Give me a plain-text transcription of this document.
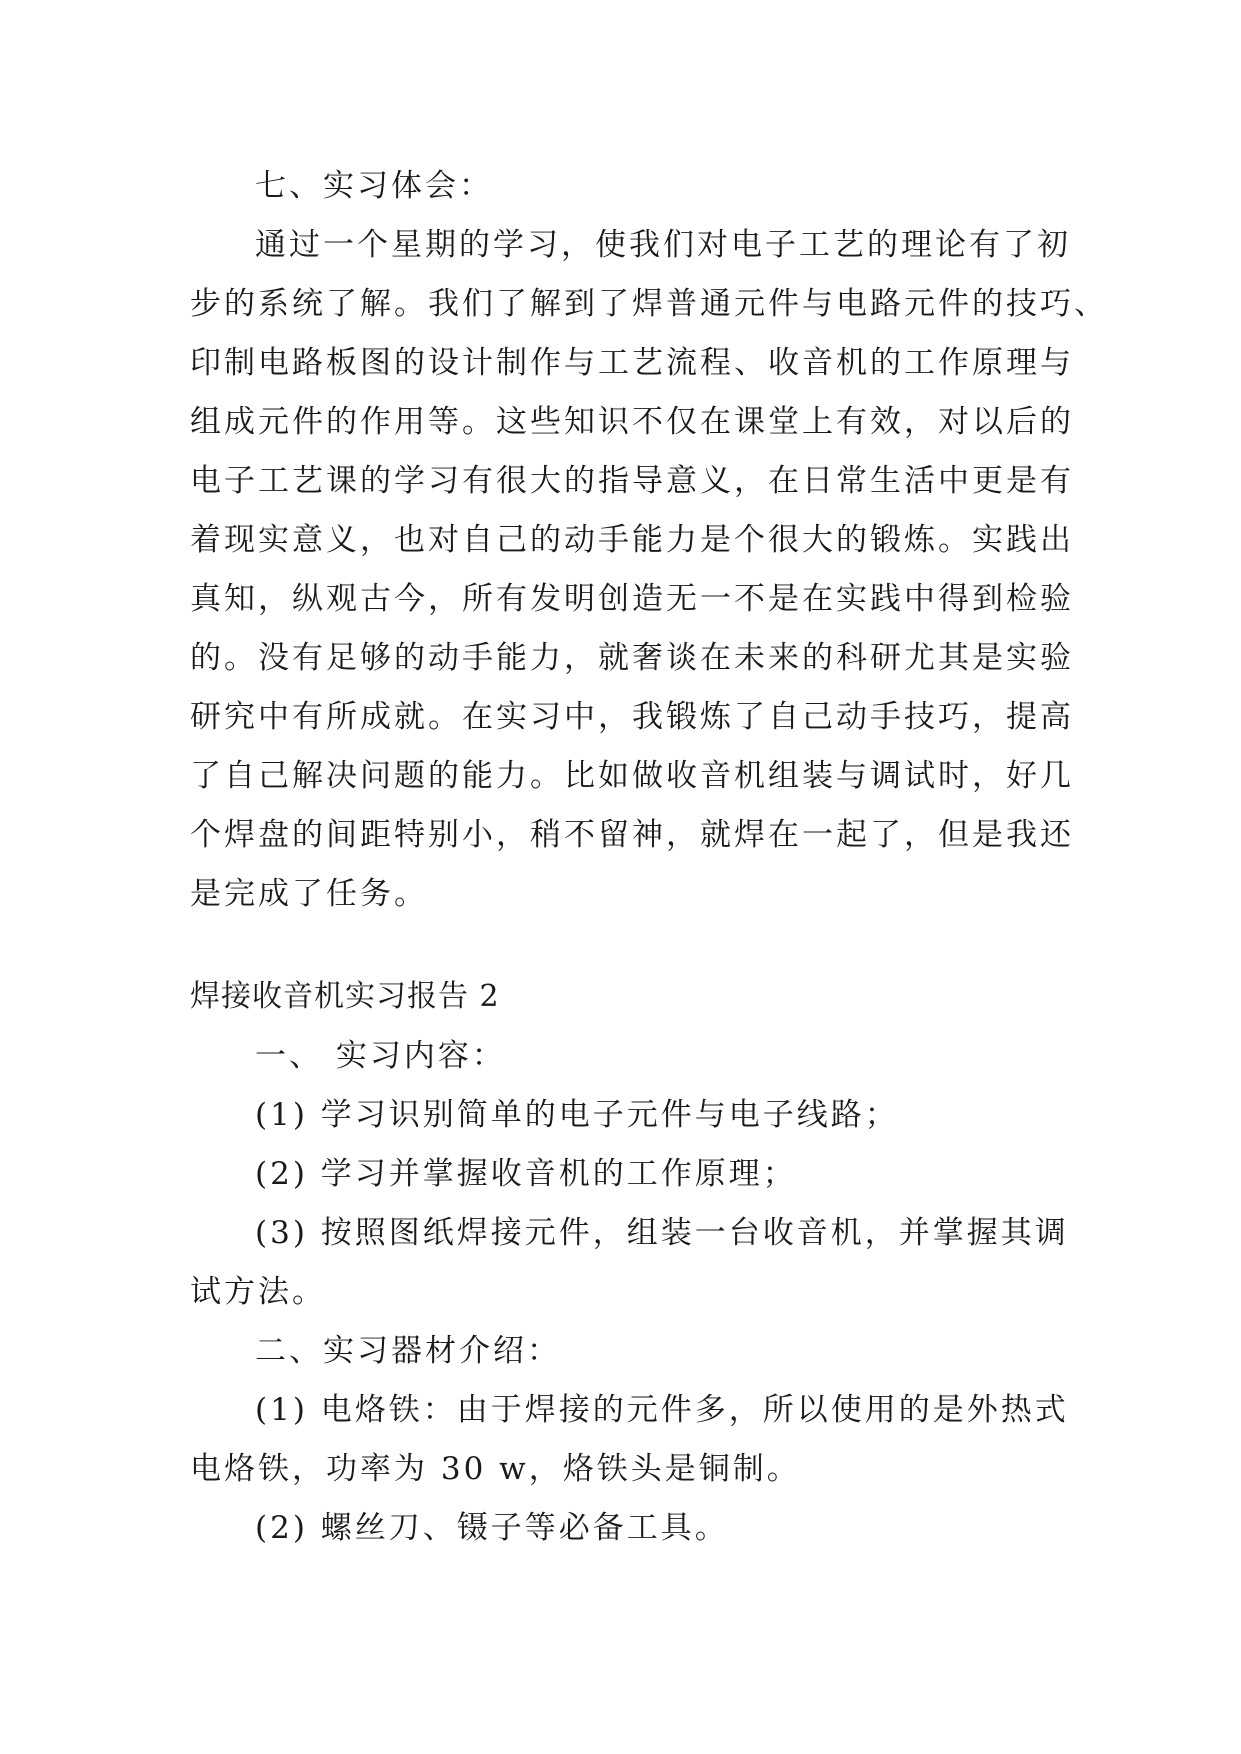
七、实习体会：
通过一个星期的学习，使我们对电子工艺的理论有了初
步的系统了解。我们了解到了焊普通元件与电路元件的技巧、
印制电路板图的设计制作与工艺流程、收音机的工作原理与
组成元件的作用等。这些知识不仅在课堂上有效，对以后的
电子工艺课的学习有很大的指导意义，在日常生活中更是有
着现实意义，也对自己的动手能力是个很大的锻炼。实践出
真知，纵观古今，所有发明创造无一不是在实践中得到检验
的。没有足够的动手能力，就奢谈在未来的科研尤其是实验
研究中有所成就。在实习中，我锻炼了自己动手技巧，提高
了自己解决问题的能力。比如做收音机组装与调试时，好几
个焊盘的间距特别小，稍不留神，就焊在一起了，但是我还
是完成了任务。
焊接收音机实习报告 2
一、 实习内容：
(1) 学习识别简单的电子元件与电子线路；
(2) 学习并掌握收音机的工作原理；
(3) 按照图纸焊接元件，组装一台收音机，并掌握其调
试方法。
二、实习器材介绍：
(1) 电烙铁：由于焊接的元件多，所以使用的是外热式
电烙铁，功率为 30 w，烙铁头是铜制。
(2) 螺丝刀、镊子等必备工具。
